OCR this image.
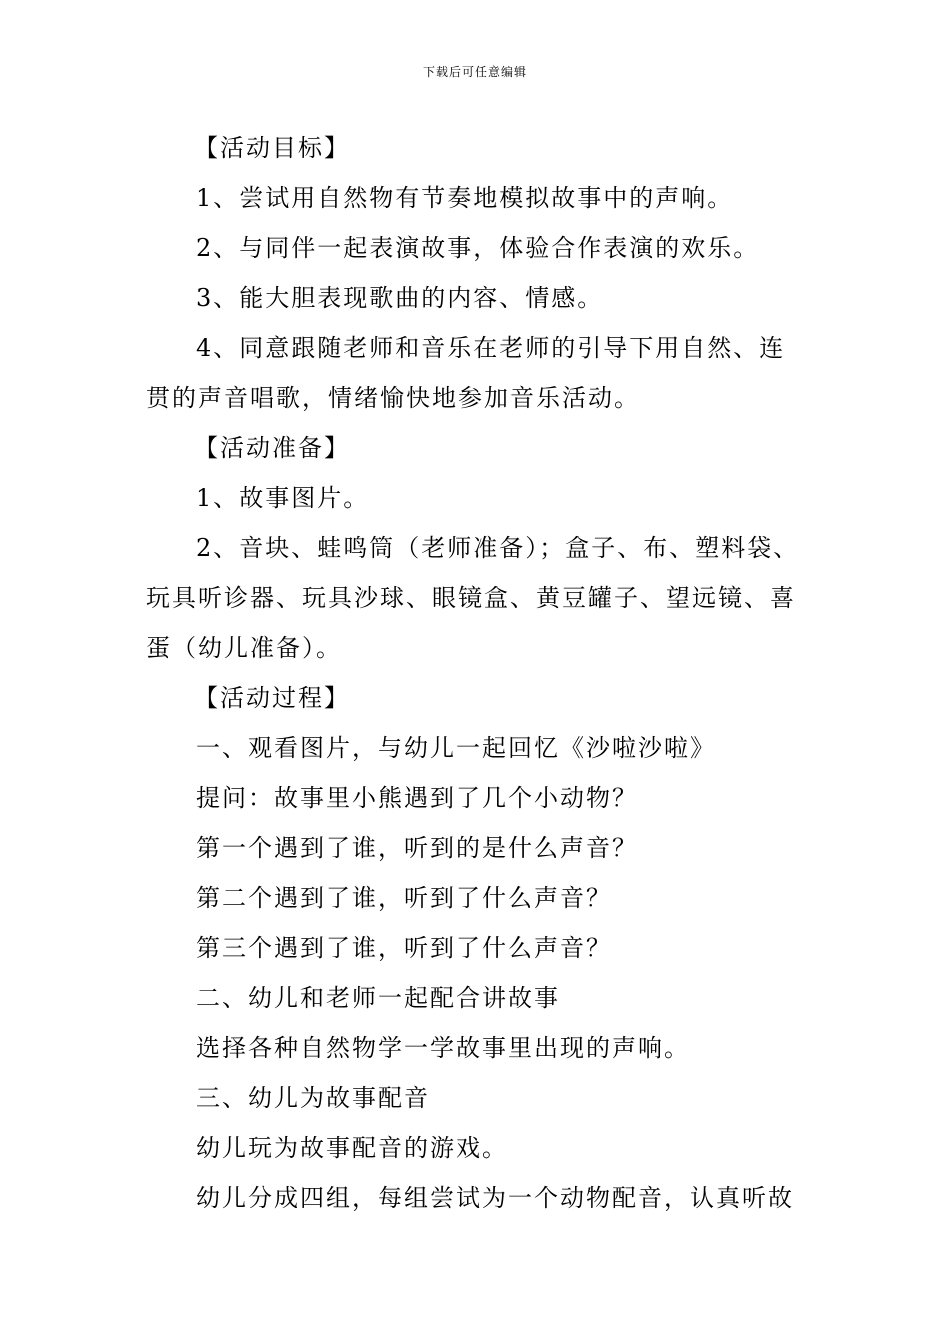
下载后可任意编辑

【活动目标】

1、尝试用自然物有节奏地模拟故事中的声响。

2、与同伴一起表演故事，体验合作表演的欢乐。

3、能大胆表现歌曲的内容、情感。

4、同意跟随老师和音乐在老师的引导下用自然、连贯的声音唱歌，情绪愉快地参加音乐活动。

【活动准备】

1、故事图片。

2、音块、蛙鸣筒（老师准备）；盒子、布、塑料袋、玩具听诊器、玩具沙球、眼镜盒、黄豆罐子、望远镜、喜蛋（幼儿准备）。

【活动过程】

一、观看图片，与幼儿一起回忆《沙啦沙啦》

提问：故事里小熊遇到了几个小动物？

第一个遇到了谁，听到的是什么声音？

第二个遇到了谁，听到了什么声音？

第三个遇到了谁，听到了什么声音？

二、幼儿和老师一起配合讲故事

选择各种自然物学一学故事里出现的声响。

三、幼儿为故事配音

幼儿玩为故事配音的游戏。

幼儿分成四组，每组尝试为一个动物配音，认真听故
